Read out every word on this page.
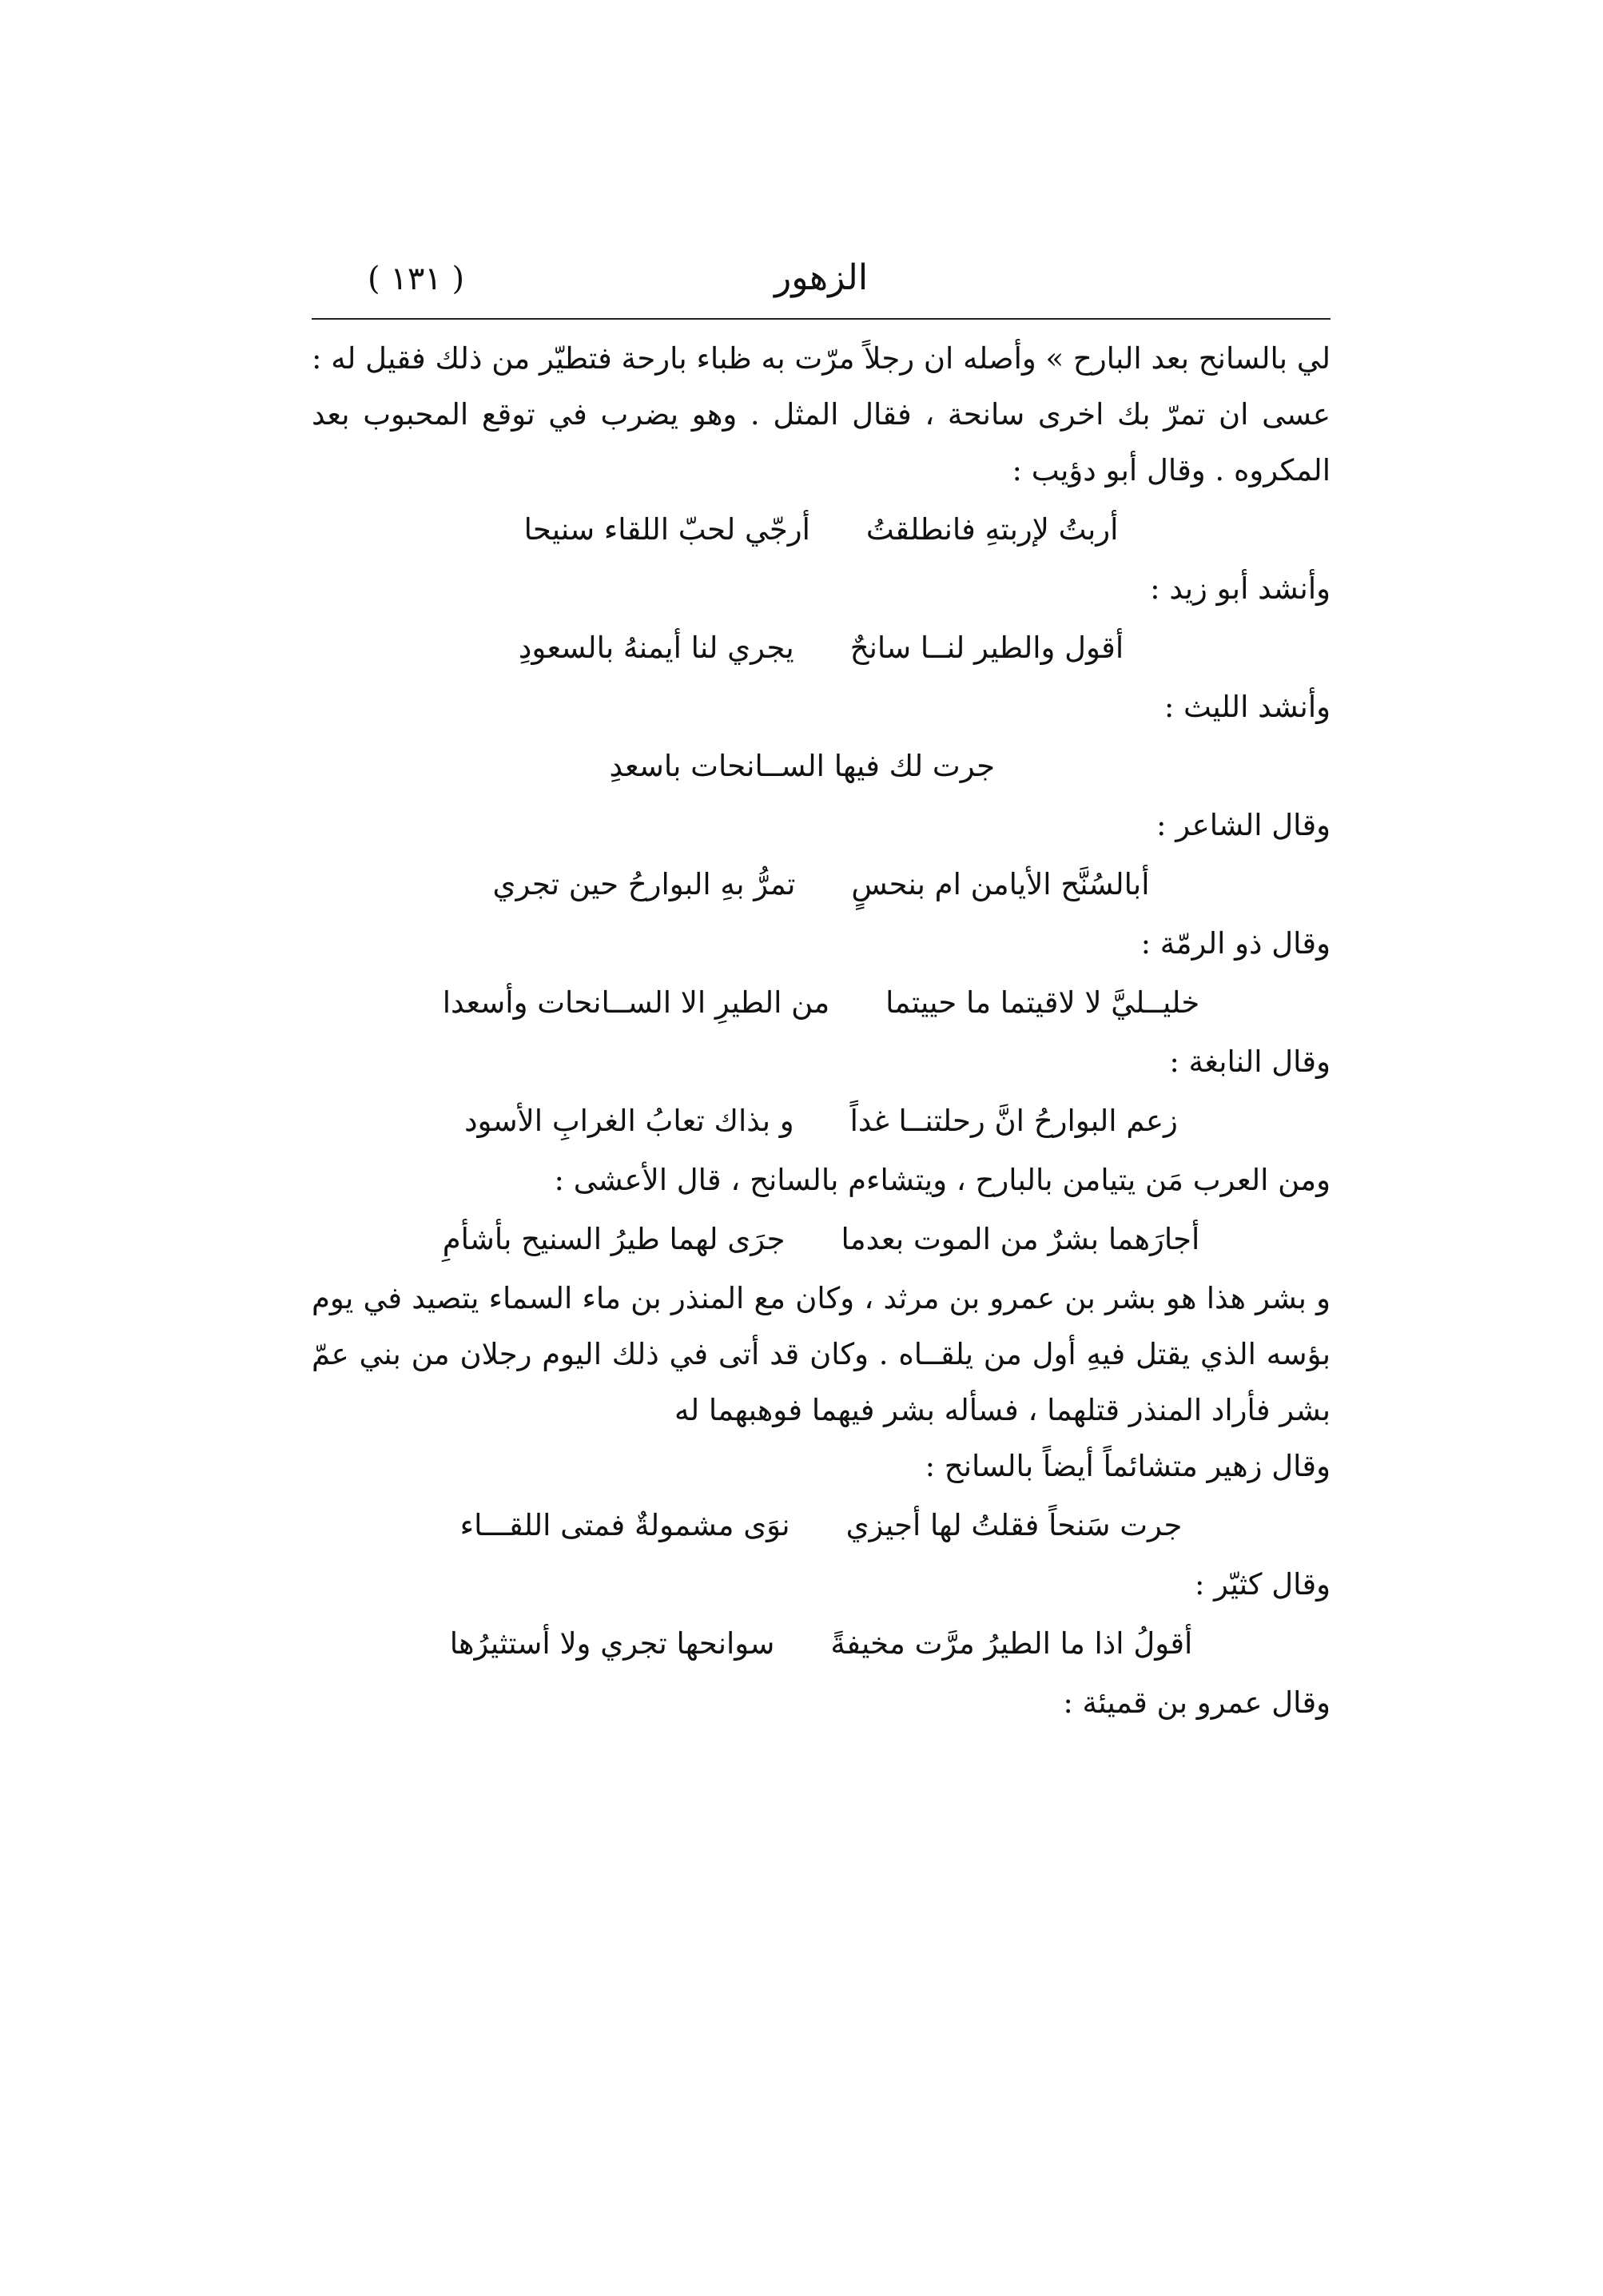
الزهور
( ١٣١ )

لي بالسانح بعد البارح » وأصله ان رجلاً مرّت به ظباء بارحة فتطيّر من ذلك فقيل له : عسى ان تمرّ بك اخرى سانحة ، فقال المثل . وهو يضرب في توقع المحبوب بعد المكروه . وقال أبو دؤيب :

أربتُ لإربتهِ فانطلقتُ
أرجّي لحبّ اللقاء سنيحا

وأنشد أبو زيد :

أقول والطير لنــا سانحٌ
يجري لنا أيمنهُ بالسعودِ

وأنشد الليث :

جرت لك فيها الســانحات باسعدِ

وقال الشاعر :

أبالسُنَّح الأيامن ام بنحسٍ
تمرُّ بهِ البوارحُ حين تجري

وقال ذو الرمّة :

خليــليَّ لا لاقيتما ما حييتما
من الطيرِ الا الســانحات وأسعدا

وقال النابغة :

زعم البوارحُ انَّ رحلتنــا غداً
و بذاك تعابُ الغرابِ الأسود

ومن العرب مَن يتيامن بالبارح ، ويتشاءم بالسانح ، قال الأعشى :

أجارَهما بشرٌ من الموت بعدما
جرَى لهما طيرُ السنيح بأشأمِ

و بشر هذا هو بشر بن عمرو بن مرثد ، وكان مع المنذر بن ماء السماء يتصيد في يوم بؤسه الذي يقتل فيهِ أول من يلقــاه . وكان قد أتى في ذلك اليوم رجلان من بني عمّ بشر فأراد المنذر قتلهما ، فسأله بشر فيهما فوهبهما له

وقال زهير متشائماً أيضاً بالسانح :

جرت سَنحاً فقلتُ لها أجيزي
نوَى مشمولةٌ فمتى اللقـــاء

وقال كثيّر :

أقولُ اذا ما الطيرُ مرَّت مخيفةً
سوانحها تجري ولا أستثيرُها

وقال عمرو بن قميئة :
